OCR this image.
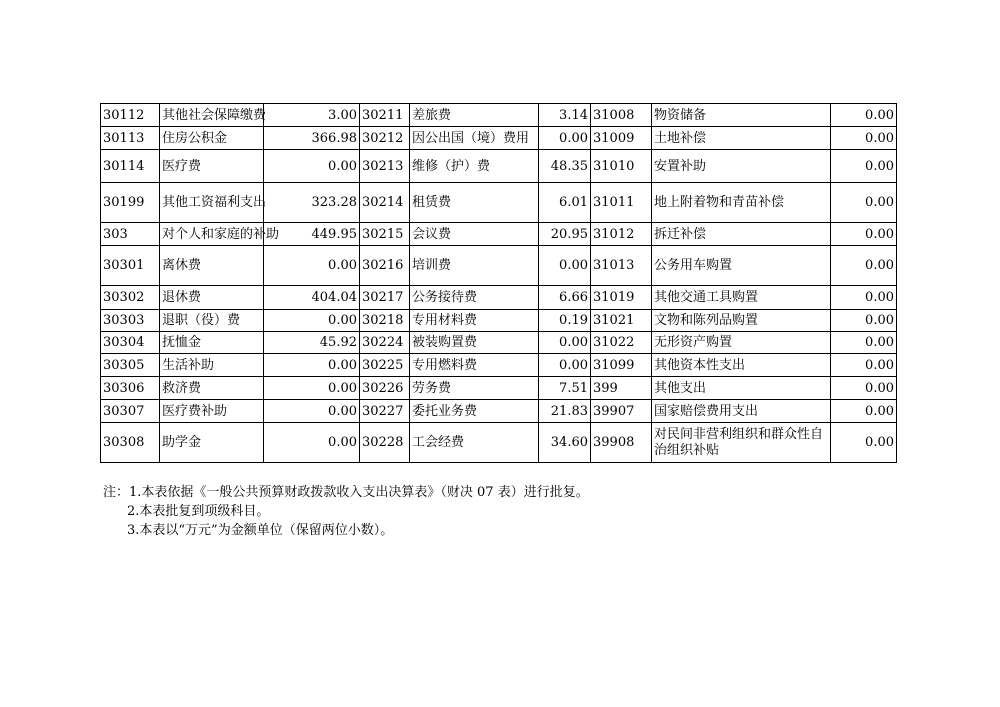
30112	其他社会保障缴费	3.00	30211	差旅费	3.14	31008	物资储备	0.00
30113	住房公积金	366.98	30212	因公出国（境）费用	0.00	31009	土地补偿	0.00
30114	医疗费	0.00	30213	维修（护）费	48.35	31010	安置补助	0.00
30199	其他工资福利支出	323.28	30214	租赁费	6.01	31011	地上附着物和青苗补偿	0.00
303	对个人和家庭的补助	449.95	30215	会议费	20.95	31012	拆迁补偿	0.00
30301	离休费	0.00	30216	培训费	0.00	31013	公务用车购置	0.00
30302	退休费	404.04	30217	公务接待费	6.66	31019	其他交通工具购置	0.00
30303	退职（役）费	0.00	30218	专用材料费	0.19	31021	文物和陈列品购置	0.00
30304	抚恤金	45.92	30224	被装购置费	0.00	31022	无形资产购置	0.00
30305	生活补助	0.00	30225	专用燃料费	0.00	31099	其他资本性支出	0.00
30306	救济费	0.00	30226	劳务费	7.51	399	其他支出	0.00
30307	医疗费补助	0.00	30227	委托业务费	21.83	39907	国家赔偿费用支出	0.00
30308	助学金	0.00	30228	工会经费	34.60	39908	对民间非营利组织和群众性自治组织补贴	0.00
注：1.本表依据《一般公共预算财政拨款收入支出决算表》（财决 07 表）进行批复。
2.本表批复到项级科目。
3.本表以“万元”为金额单位（保留两位小数）。
